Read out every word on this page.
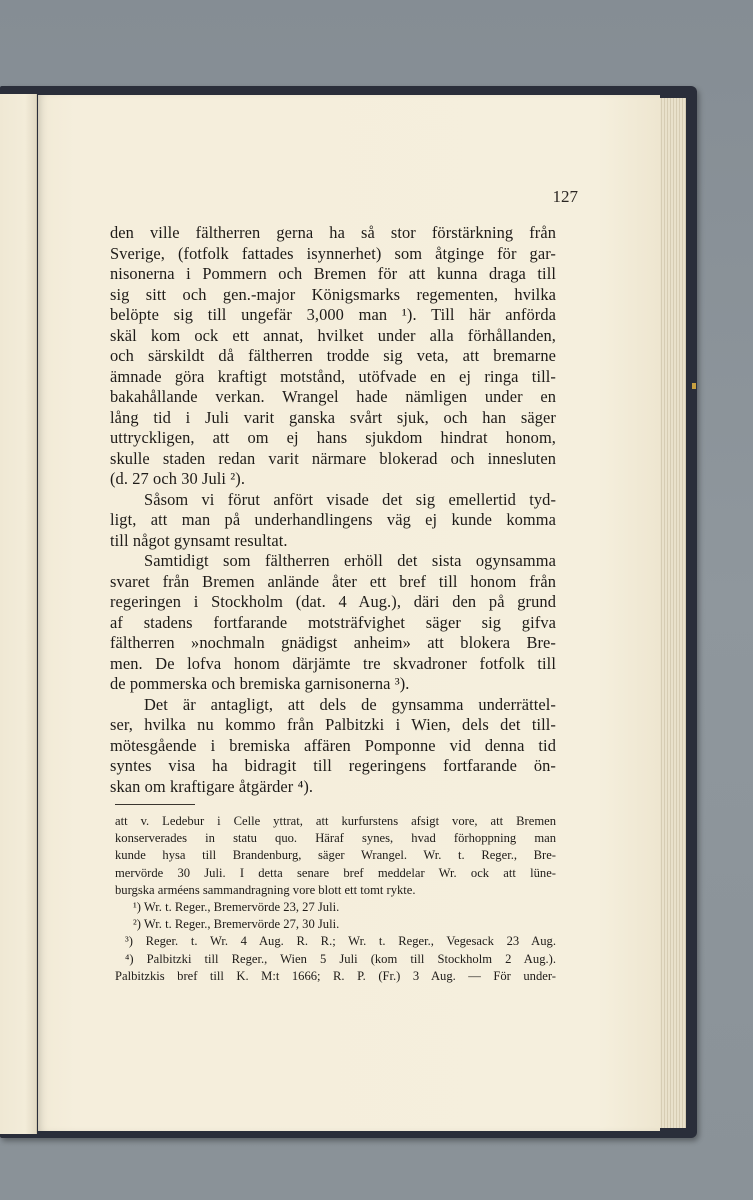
127
den ville fältherren gerna ha så stor förstärkning från
Sverige, (fotfolk fattades isynnerhet) som åtginge för gar-
nisonerna i Pommern och Bremen för att kunna draga till
sig sitt och gen.-major Königsmarks regementen, hvilka
belöpte sig till ungefär 3,000 man ¹). Till här anförda
skäl kom ock ett annat, hvilket under alla förhållanden,
och särskildt då fältherren trodde sig veta, att bremarne
ämnade göra kraftigt motstånd, utöfvade en ej ringa till-
bakahållande verkan. Wrangel hade nämligen under en
lång tid i Juli varit ganska svårt sjuk, och han säger
uttryckligen, att om ej hans sjukdom hindrat honom,
skulle staden redan varit närmare blokerad och innesluten
(d. 27 och 30 Juli ²).
Såsom vi förut anfört visade det sig emellertid tyd-
ligt, att man på underhandlingens väg ej kunde komma
till något gynsamt resultat.
Samtidigt som fältherren erhöll det sista ogynsamma
svaret från Bremen anlände åter ett bref till honom från
regeringen i Stockholm (dat. 4 Aug.), däri den på grund
af stadens fortfarande motsträfvighet säger sig gifva
fältherren »nochmaln gnädigst anheim» att blokera Bre-
men. De lofva honom därjämte tre skvadroner fotfolk till
de pommerska och bremiska garnisonerna ³).
Det är antagligt, att dels de gynsamma underrättel-
ser, hvilka nu kommo från Palbitzki i Wien, dels det till-
mötesgående i bremiska affären Pomponne vid denna tid
syntes visa ha bidragit till regeringens fortfarande ön-
skan om kraftigare åtgärder ⁴).
att v. Ledebur i Celle yttrat, att kurfurstens afsigt vore, att Bremen
konserverades in statu quo. Häraf synes, hvad förhoppning man
kunde hysa till Brandenburg, säger Wrangel. Wr. t. Reger., Bre-
mervörde 30 Juli. I detta senare bref meddelar Wr. ock att lüne-
burgska arméens sammandragning vore blott ett tomt rykte.
¹) Wr. t. Reger., Bremervörde 23, 27 Juli.
²) Wr. t. Reger., Bremervörde 27, 30 Juli.
³) Reger. t. Wr. 4 Aug. R. R.; Wr. t. Reger., Vegesack 23 Aug.
⁴) Palbitzki till Reger., Wien 5 Juli (kom till Stockholm 2 Aug.).
Palbitzkis bref till K. M:t 1666; R. P. (Fr.) 3 Aug. — För under-
